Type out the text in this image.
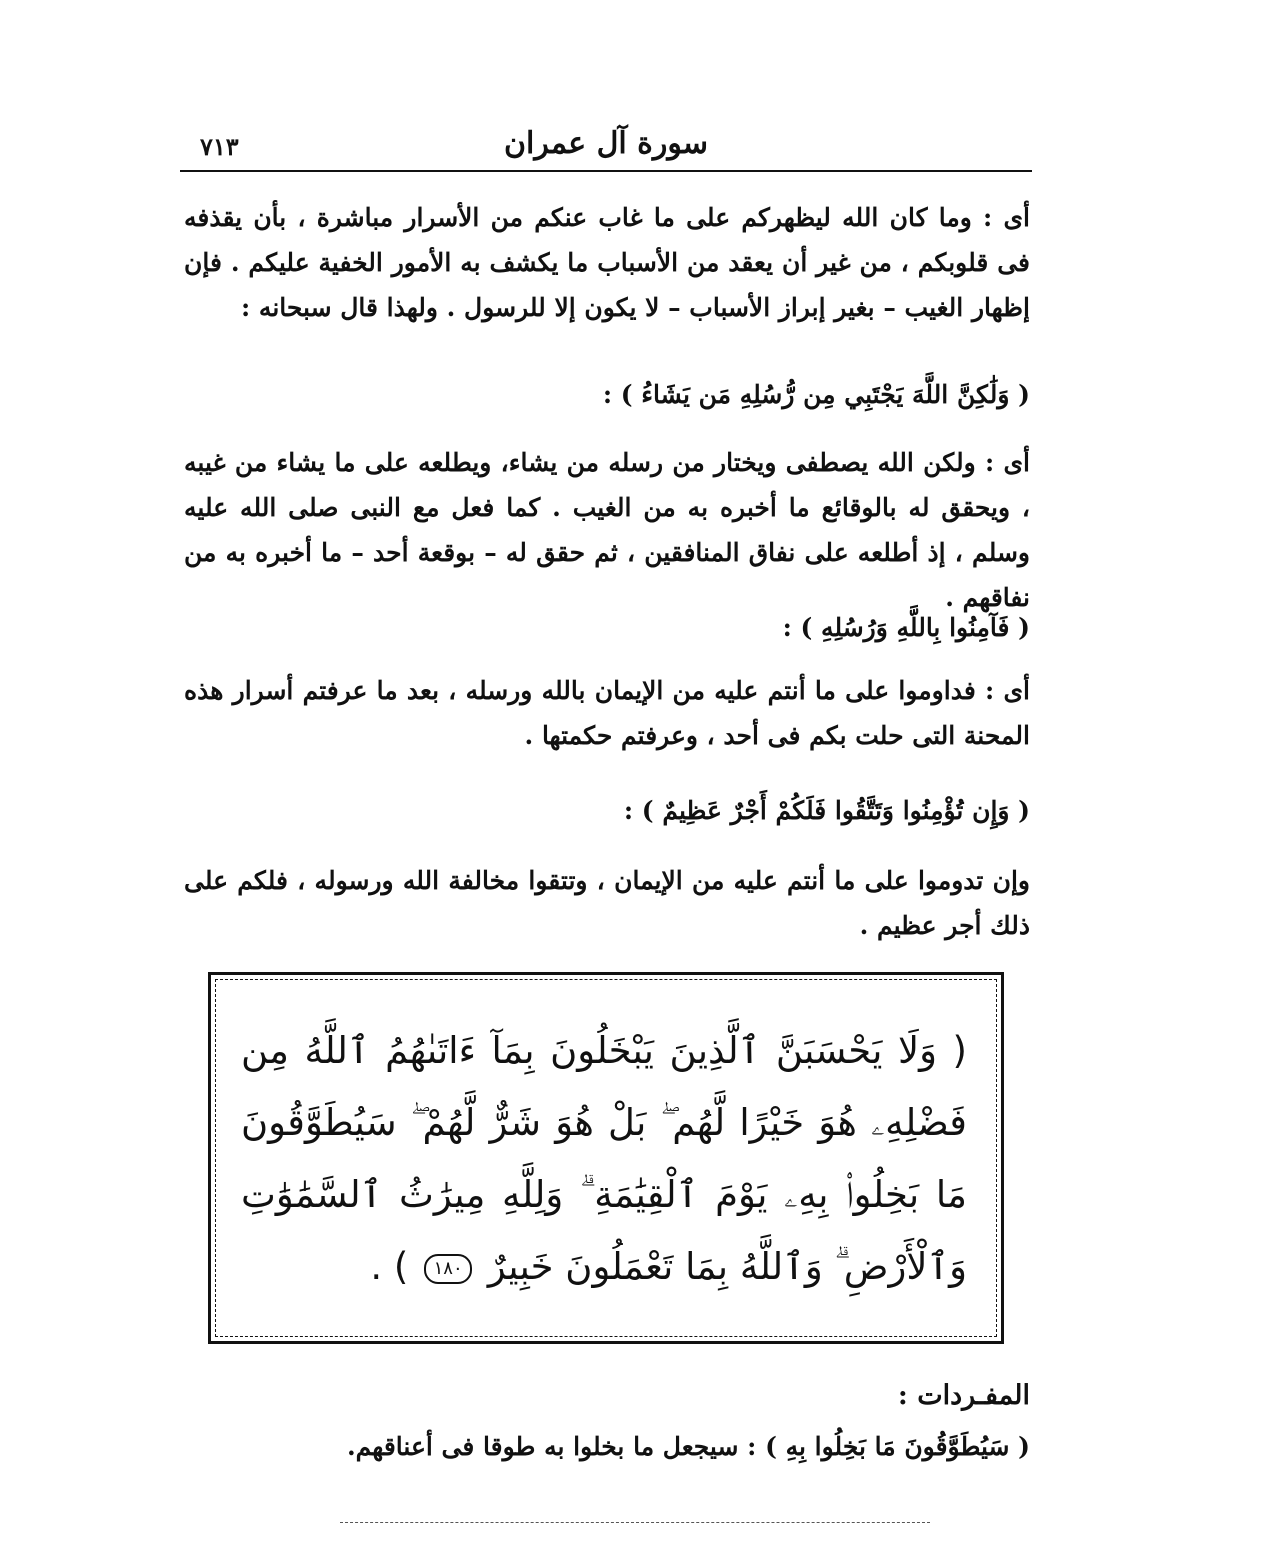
٧١٣	سورة آل عمران
أى : وما كان الله ليظهركم على ما غاب عنكم من الأسرار مباشرة ، بأن يقذفه فى قلوبكم ، من غير أن يعقد من الأسباب ما يكشف به الأمور الخفية عليكم . فإن إظهار الغيب – بغير إبراز الأسباب – لا يكون إلا للرسول . ولهذا قال سبحانه :
( وَلَٰكِنَّ اللَّهَ يَجْتَبِي مِن رُّسُلِهِ مَن يَشَاءُ ) :
أى : ولكن الله يصطفى ويختار من رسله من يشاء، ويطلعه على ما يشاء من غيبه ، ويحقق له بالوقائع ما أخبره به من الغيب . كما فعل مع النبى صلى الله عليه وسلم ، إذ أطلعه على نفاق المنافقين ، ثم حقق له – بوقعة أحد – ما أخبره به من نفاقهم .
( فَآمِنُوا بِاللَّهِ وَرُسُلِهِ ) :
أى : فداوموا على ما أنتم عليه من الإيمان بالله ورسله ، بعد ما عرفتم أسرار هذه المحنة التى حلت بكم فى أحد ، وعرفتم حكمتها .
( وَإِن تُؤْمِنُوا وَتَتَّقُوا فَلَكُمْ أَجْرٌ عَظِيمٌ ) :
وإن تدوموا على ما أنتم عليه من الإيمان ، وتتقوا مخالفة الله ورسوله ، فلكم على ذلك أجر عظيم .
( وَلَا يَحْسَبَنَّ ٱلَّذِينَ يَبْخَلُونَ بِمَآ ءَاتَىٰهُمُ ٱللَّهُ مِن فَضْلِهِۦ هُوَ خَيْرًا لَّهُم ۖ بَلْ هُوَ شَرٌّ لَّهُمْ ۖ سَيُطَوَّقُونَ مَا بَخِلُوا۟ بِهِۦ يَوْمَ ٱلْقِيَٰمَةِ ۗ وَلِلَّهِ مِيرَٰثُ ٱلسَّمَٰوَٰتِ وَٱلْأَرْضِ ۗ وَٱللَّهُ بِمَا تَعْمَلُونَ خَبِيرٌ ١٨٠ ) .
المفـردات :
( سَيُطَوَّقُونَ مَا بَخِلُوا بِهِ ) : سيجعل ما بخلوا به طوقا فى أعناقهم.
